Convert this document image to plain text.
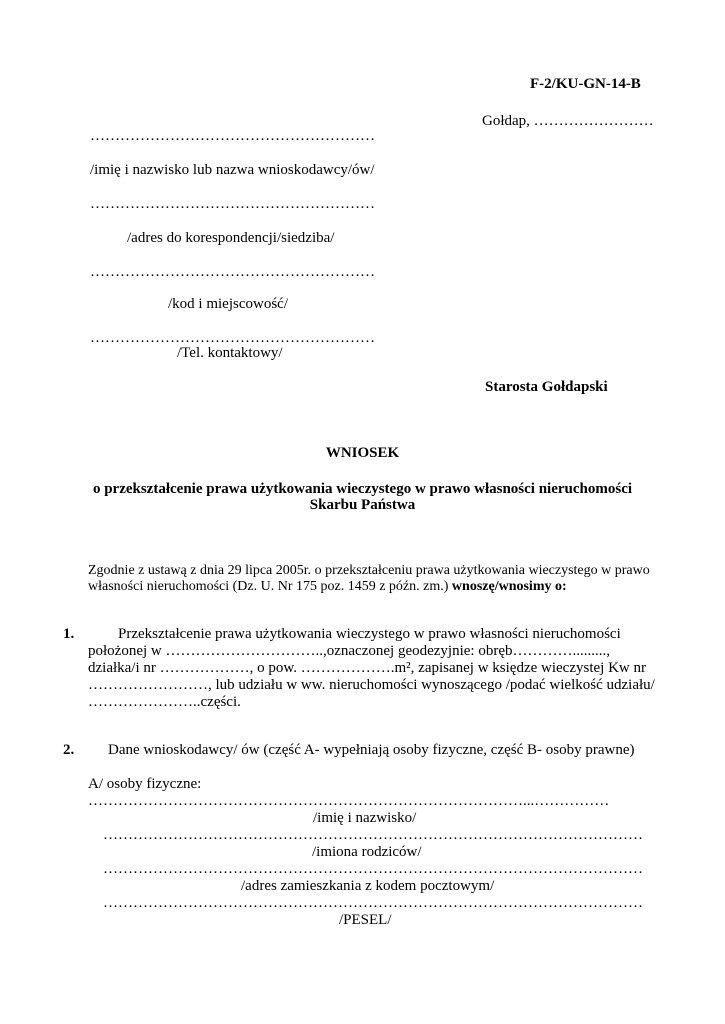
F-2/KU-GN-14-B
Gołdap, ……………………
…………………………………………………
/imię i nazwisko lub nazwa wnioskodawcy/ów/
…………………………………………………
/adres do korespondencji/siedziba/
…………………………………………………
/kod i miejscowość/
…………………………………………………
/Tel. kontaktowy/
Starosta Gołdapski
WNIOSEK
o przekształcenie prawa użytkowania wieczystego w prawo własności nieruchomości
Skarbu Państwa
Zgodnie z ustawą z dnia 29 lipca 2005r. o przekształceniu prawa użytkowania wieczystego w prawo
własności nieruchomości (Dz. U. Nr 175 poz. 1459 z późn. zm.) wnoszę/wnosimy o:
1.	Przekształcenie prawa użytkowania wieczystego w prawo własności nieruchomości
położonej w …………………………..,oznaczonej geodezyjnie: obręb………….........,
działka/i nr ………………, o pow. ……………….m², zapisanej w księdze wieczystej Kw nr
……………………, lub udziału w ww. nieruchomości wynoszącego /podać wielkość udziału/
…………………..części.
2. Dane wnioskodawcy/ ów (część A- wypełniają osoby fizyczne, część B- osoby prawne)
A/ osoby fizyczne:
……………………………………………………………………………...……………
/imię i nazwisko/
………………………………………………………………………………………………
/imiona rodziców/
………………………………………………………………………………………………
/adres zamieszkania z kodem pocztowym/
………………………………………………………………………………………………
/PESEL/
